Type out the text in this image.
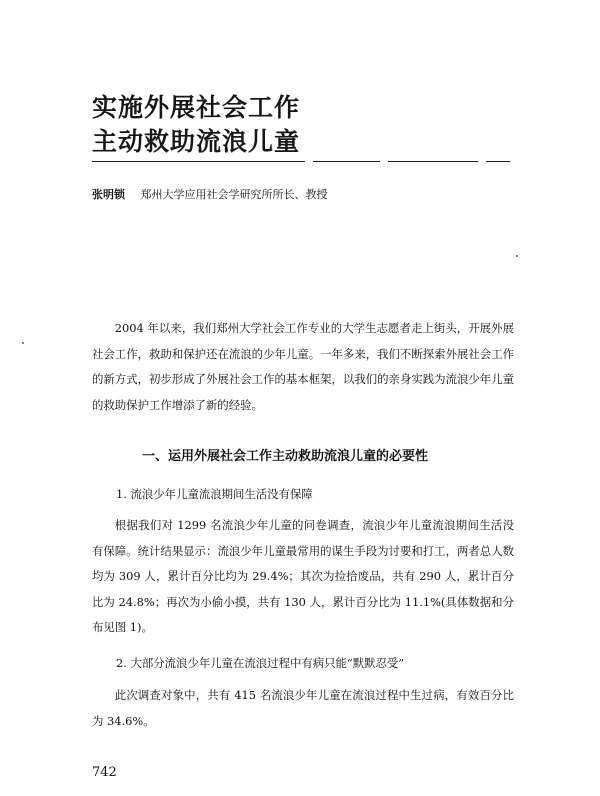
实施外展社会工作
主动救助流浪儿童
张明锁 郑州大学应用社会学研究所所长、教授

2004 年以来，我们郑州大学社会工作专业的大学生志愿者走上街头，开展外展社会工作，救助和保护还在流浪的少年儿童。一年多来，我们不断探索外展社会工作的新方式，初步形成了外展社会工作的基本框架，以我们的亲身实践为流浪少年儿童的救助保护工作增添了新的经验。

一、运用外展社会工作主动救助流浪儿童的必要性
1. 流浪少年儿童流浪期间生活没有保障

根据我们对 1299 名流浪少年儿童的问卷调查，流浪少年儿童流浪期间生活没有保障。统计结果显示：流浪少年儿童最常用的谋生手段为讨要和打工，两者总人数均为 309 人，累计百分比均为 29.4%；其次为捡拾废品，共有 290 人，累计百分比为 24.8%；再次为小偷小摸，共有 130 人，累计百分比为 11.1%(具体数据和分布见图 1)。

2. 大部分流浪少年儿童在流浪过程中有病只能“默默忍受”

此次调查对象中，共有 415 名流浪少年儿童在流浪过程中生过病，有效百分比为 34.6%。

742
